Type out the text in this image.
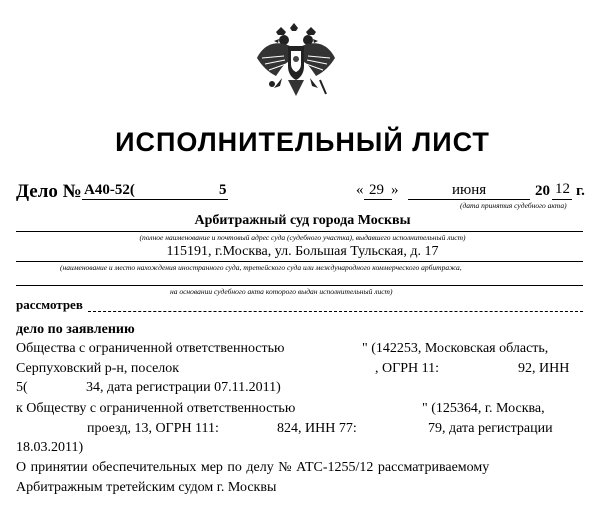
ИСПОЛНИТЕЛЬНЫЙ ЛИСТ
Дело № А40-52(	5	« 29 »	июня	20 12 г.
(дата принятия судебного акта)
Арбитражный суд города Москвы
(полное наименование и почтовый адрес суда (судебного участка), выдавшего исполнительный лист)
115191, г.Москва, ул. Большая Тульская, д. 17
(наименование и место нахождения иностранного суда, третейского суда или международного коммерческого арбитража,
на основании судебного акта которого выдан исполнительный лист)
рассмотрев
дело по заявлению
Общества с ограниченной ответственностью	" (142253, Московская область,
Серпуховский р-н, поселок	, ОГРН 11:	92, ИНН
5(	34, дата регистрации 07.11.2011)
к Обществу с ограниченной ответственностью	" (125364, г. Москва,
проезд, 13, ОГРН 111:	824, ИНН 77:	79, дата регистрации
18.03.2011)
О принятии обеспечительных мер по делу № АТС-1255/12 рассматриваемому
Арбитражным третейским судом г. Москвы
